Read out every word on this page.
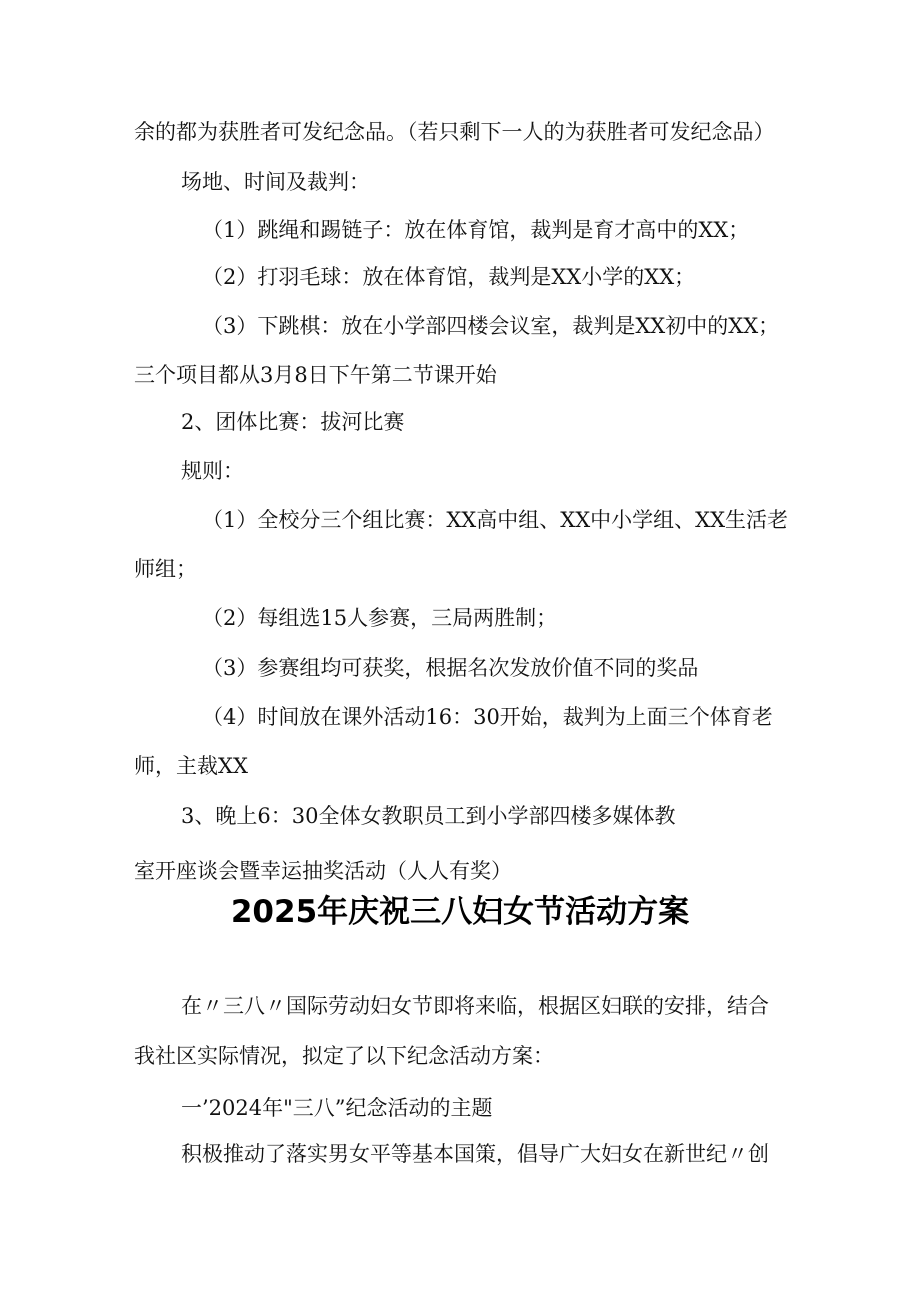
余的都为获胜者可发纪念品。（若只剩下一人的为获胜者可发纪念品）

场地、时间及裁判：

（1）跳绳和踢链子：放在体育馆，裁判是育才高中的XX；

（2）打羽毛球：放在体育馆，裁判是XX小学的XX；

（3）下跳棋：放在小学部四楼会议室，裁判是XX初中的XX；

三个项目都从3月8日下午第二节课开始

2、团体比赛：拔河比赛

规则：

（1）全校分三个组比赛：XX高中组、XX中小学组、XX生活老

师组；

（2）每组选15人参赛，三局两胜制；

（3）参赛组均可获奖，根据名次发放价值不同的奖品

（4）时间放在课外活动16：30开始，裁判为上面三个体育老

师，主裁XX

3、晚上6：30全体女教职员工到小学部四楼多媒体教

室开座谈会暨幸运抽奖活动（人人有奖）

2025年庆祝三八妇女节活动方案

在〃三八〃国际劳动妇女节即将来临，根据区妇联的安排，结合

我社区实际情况，拟定了以下纪念活动方案：

一’2024年"三八”纪念活动的主题

积极推动了落实男女平等基本国策，倡导广大妇女在新世纪〃创
